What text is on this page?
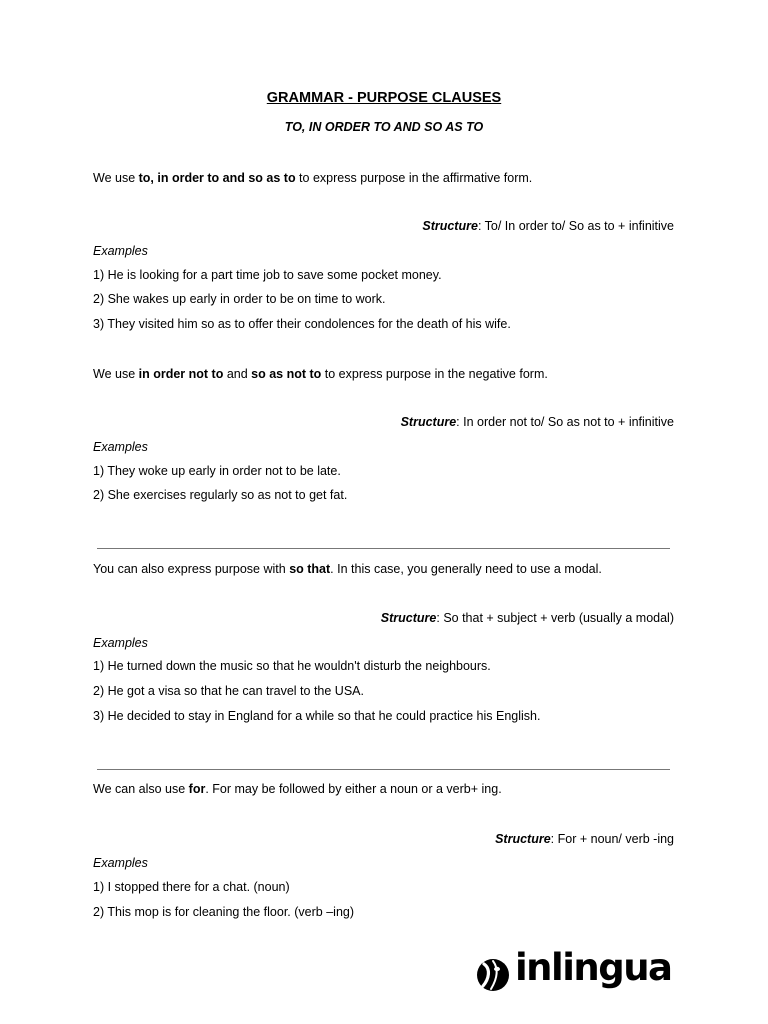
GRAMMAR - PURPOSE CLAUSES
TO, IN ORDER TO AND SO AS TO
We use to, in order to and so as to to express purpose in the affirmative form.
Structure: To/ In order to/ So as to + infinitive
Examples
1) He is looking for a part time job to save some pocket money.
2) She wakes up early in order to be on time to work.
3) They visited him so as to offer their condolences for the death of his wife.
We use in order not to and so as not to to express purpose in the negative form.
Structure: In order not to/ So as not to + infinitive
Examples
1) They woke up early in order not to be late.
2) She exercises regularly so as not to get fat.
You can also express purpose with so that. In this case, you generally need to use a modal.
Structure: So that + subject + verb (usually a modal)
Examples
1) He turned down the music so that he wouldn't disturb the neighbours.
2) He got a visa so that he can travel to the USA.
3) He decided to stay in England for a while so that he could practice his English.
We can also use for. For may be followed by either a noun or a verb+ ing.
Structure: For + noun/ verb -ing
Examples
1) I stopped there for a chat. (noun)
2) This mop is for cleaning the floor. (verb –ing)
inlingua
